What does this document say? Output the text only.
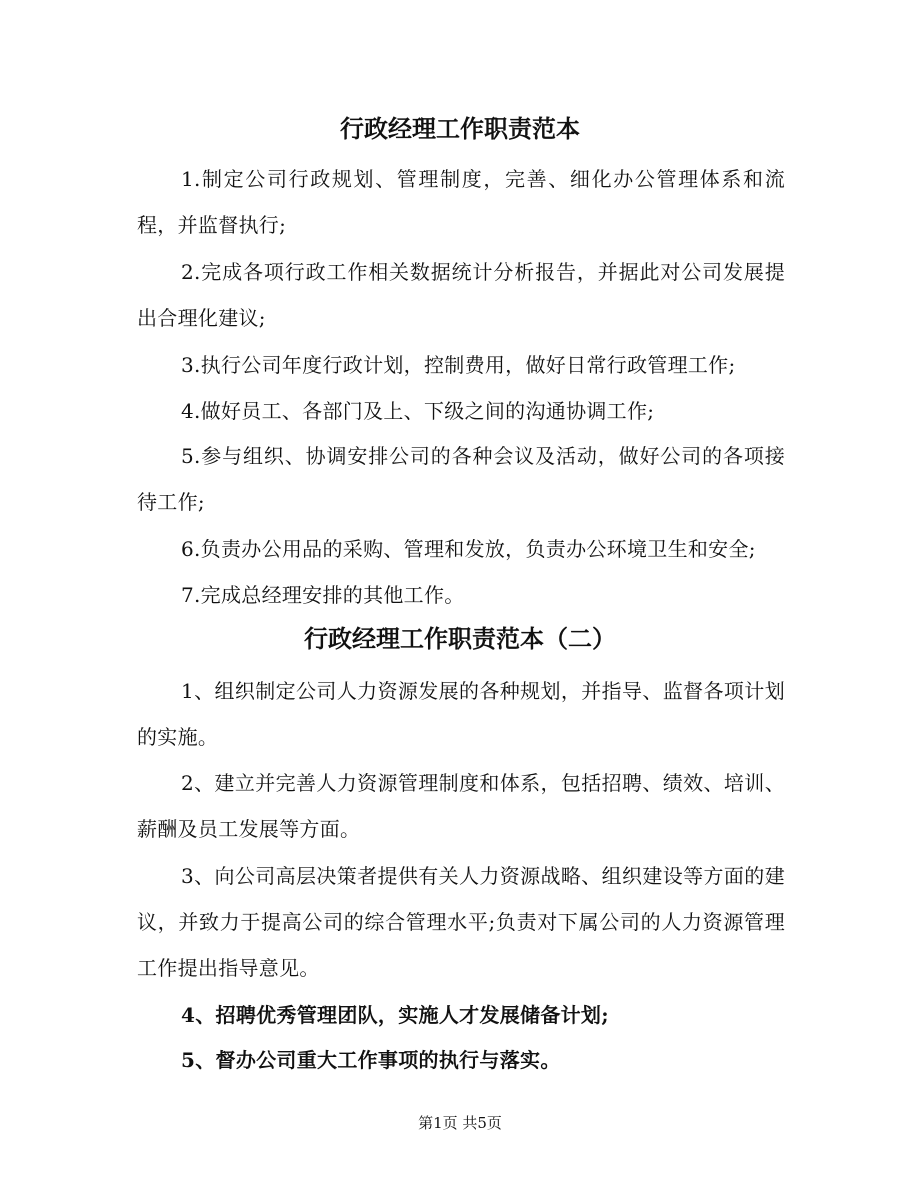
行政经理工作职责范本

1.制定公司行政规划、管理制度，完善、细化办公管理体系和流程，并监督执行;

2.完成各项行政工作相关数据统计分析报告，并据此对公司发展提出合理化建议;

3.执行公司年度行政计划，控制费用，做好日常行政管理工作;

4.做好员工、各部门及上、下级之间的沟通协调工作;

5.参与组织、协调安排公司的各种会议及活动，做好公司的各项接待工作;

6.负责办公用品的采购、管理和发放，负责办公环境卫生和安全;

7.完成总经理安排的其他工作。

行政经理工作职责范本（二）

1、组织制定公司人力资源发展的各种规划，并指导、监督各项计划的实施。

2、建立并完善人力资源管理制度和体系，包括招聘、绩效、培训、薪酬及员工发展等方面。

3、向公司高层决策者提供有关人力资源战略、组织建设等方面的建议，并致力于提高公司的综合管理水平;负责对下属公司的人力资源管理工作提出指导意见。

4、招聘优秀管理团队，实施人才发展储备计划;

5、督办公司重大工作事项的执行与落实。

第1页 共5页
